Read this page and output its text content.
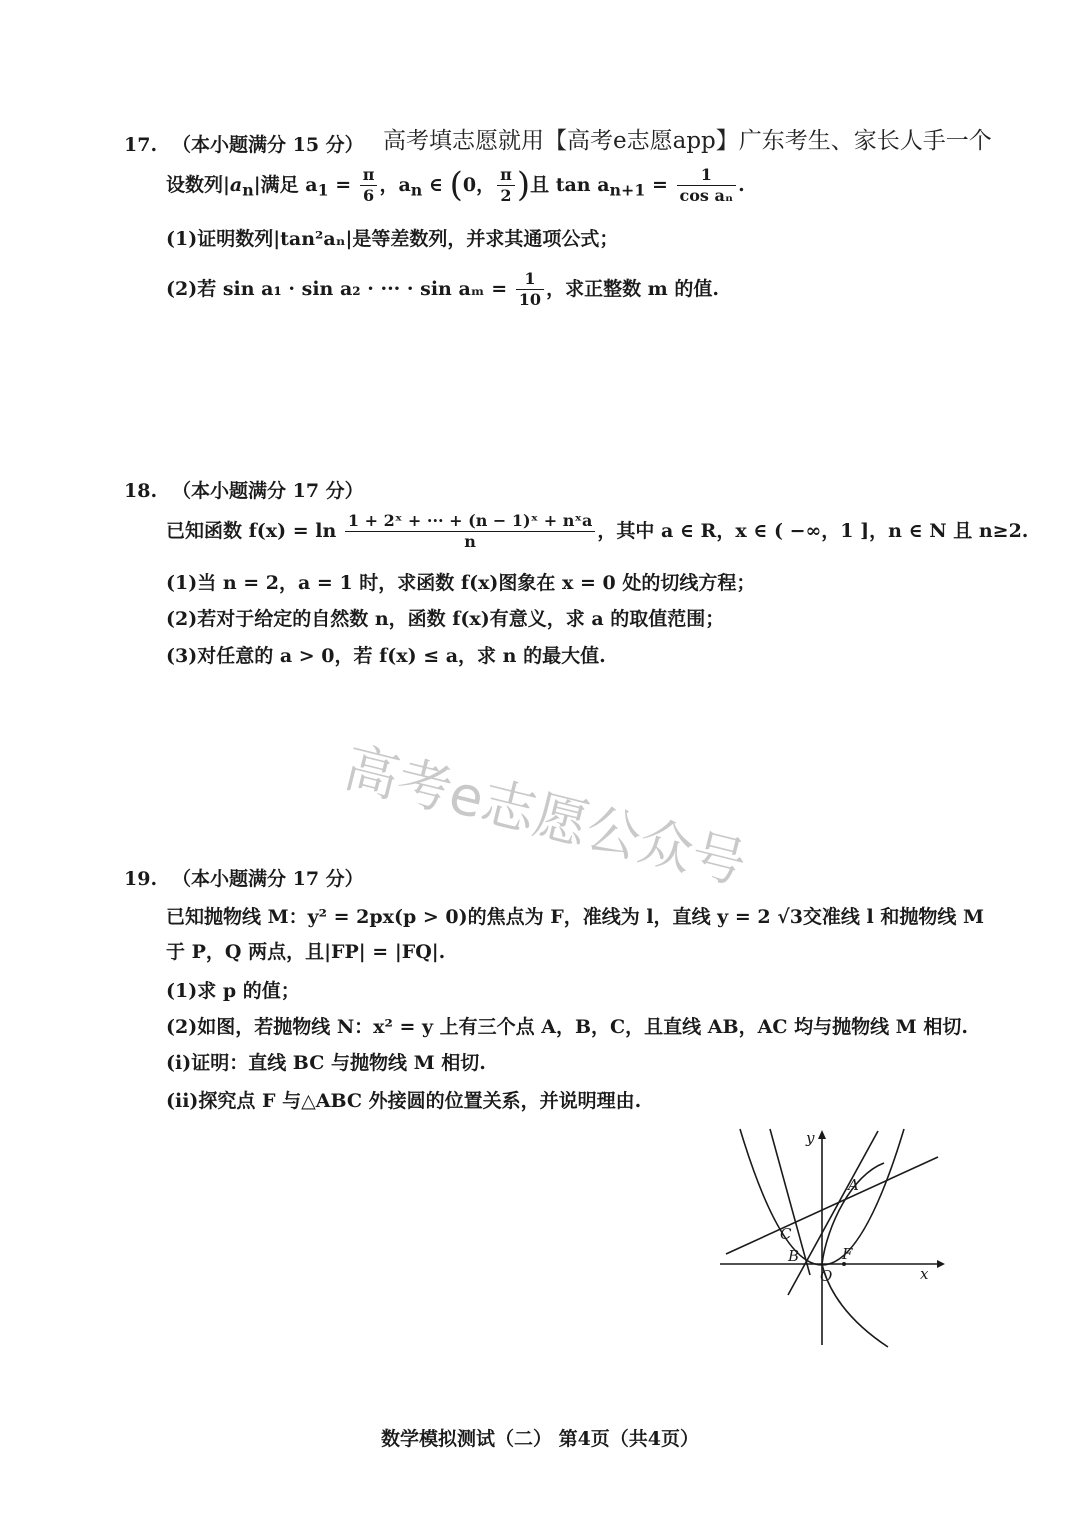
高考填志愿就用【高考e志愿app】广东考生、家长人手一个
17. （本小题满分 15 分）
设数列$|a_n|$满足 $a_1 = \frac{\pi}{6}$ ，$a_n$ ∈ (0， $\frac{\pi}{2}$ )且 $\tan a_{n+1} = \frac{1}{\text{cos aₙ}}$ .
(1)证明数列|tan²aₙ|是等差数列，并求其通项公式；
(2)若 sin a₁ · sin a₂ · ··· · $\sin a_m = \frac{1}{10}$ ，求正整数 m 的值.
18. （本小题满分 17 分）
已知函数 $f(x) = \ln \frac{\text{1 + 2ˣ + ··· + (n − 1)ˣ + nˣa}}{n}$ ，其中 a ∈ R，x ∈ ( −∞，1 ]，n ∈ N 且 n≥2.
(1)当 n = 2，a = 1 时，求函数 f(x)图象在 x = 0 处的切线方程；
(2)若对于给定的自然数 n，函数 f(x)有意义，求 a 的取值范围；
(3)对任意的 a > 0，若 f(x) ≤ a，求 n 的最大值.
高考e志愿公众号
19. （本小题满分 17 分）
已知抛物线 M：y² = 2px(p > 0)的焦点为 F，准线为 l，直线 y = 2 √3交准线 l 和抛物线 M
于 P，Q 两点，且|FP| = |FQ|.
(1)求 p 的值；
(2)如图，若抛物线 N：x² = y 上有三个点 A，B，C，且直线 AB，AC 均与抛物线 M 相切.
(i)证明：直线 BC 与抛物线 M 相切.
(ii)探究点 F 与△ABC 外接圆的位置关系，并说明理由.
y
x
A
B
C
F
O
数学模拟测试（二） 第4页（共4页）
